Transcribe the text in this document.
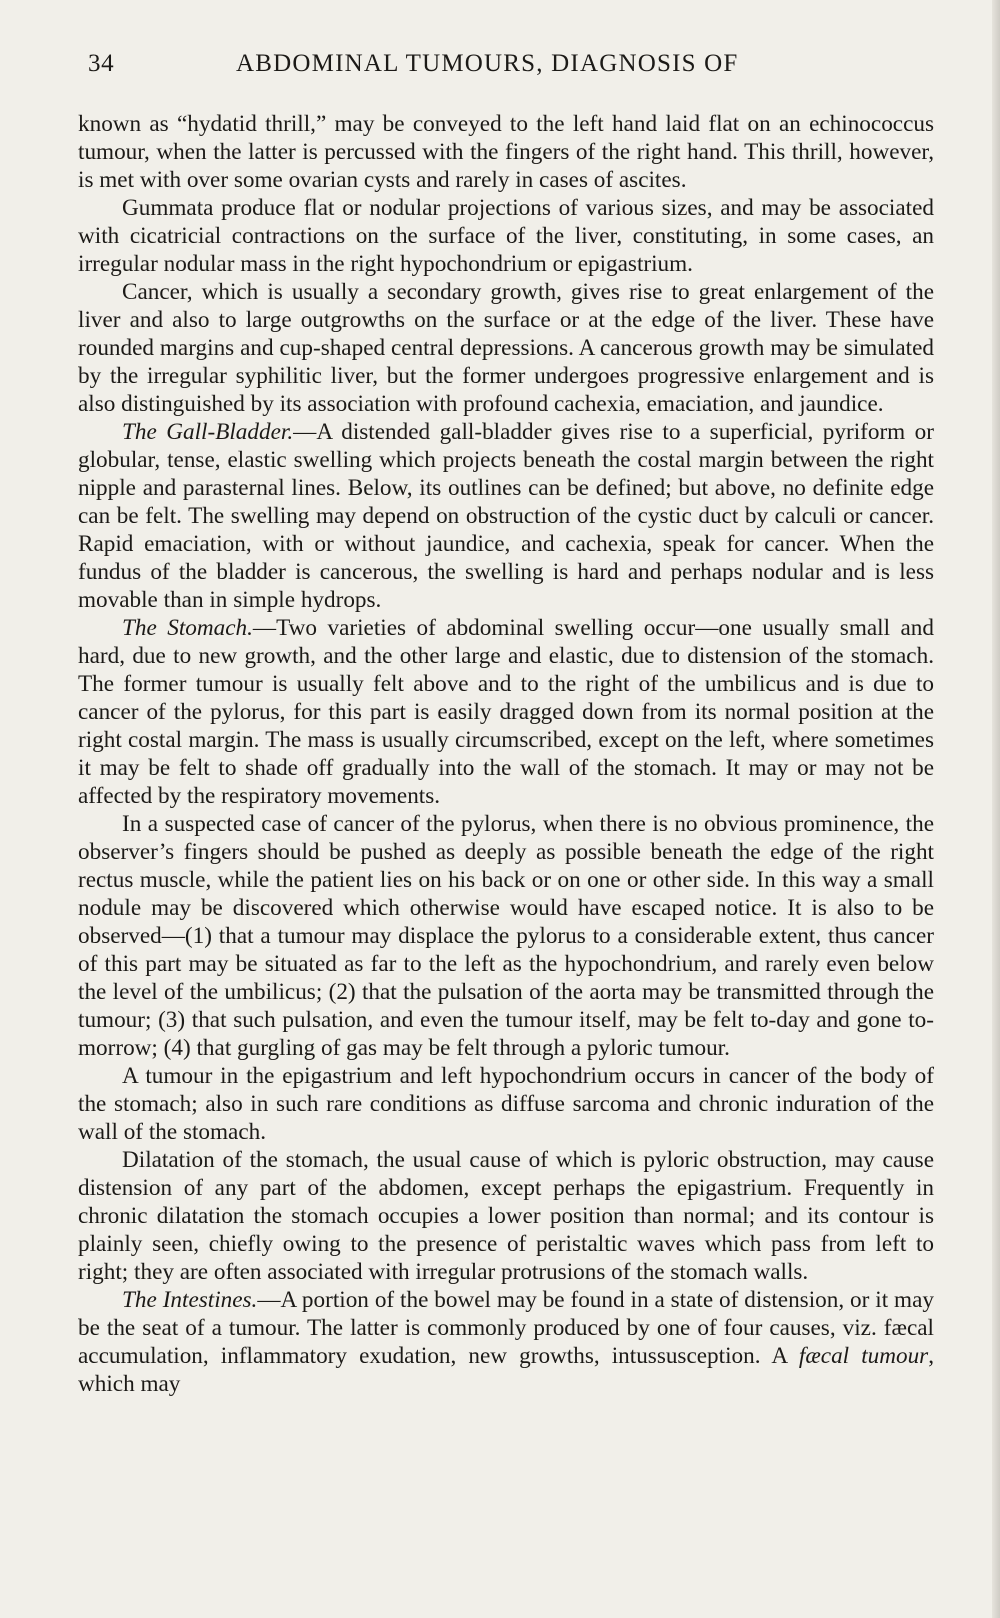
34	ABDOMINAL TUMOURS, DIAGNOSIS OF

known as “hydatid thrill,” may be conveyed to the left hand laid flat on an echinococcus tumour, when the latter is percussed with the fingers of the right hand. This thrill, however, is met with over some ovarian cysts and rarely in cases of ascites.

Gummata produce flat or nodular projections of various sizes, and may be associated with cicatricial contractions on the surface of the liver, constituting, in some cases, an irregular nodular mass in the right hypochondrium or epigastrium.

Cancer, which is usually a secondary growth, gives rise to great enlargement of the liver and also to large outgrowths on the surface or at the edge of the liver. These have rounded margins and cup-shaped central depressions. A cancerous growth may be simulated by the irregular syphilitic liver, but the former undergoes progressive enlargement and is also distinguished by its association with profound cachexia, emaciation, and jaundice.

The Gall-Bladder.—A distended gall-bladder gives rise to a superficial, pyriform or globular, tense, elastic swelling which projects beneath the costal margin between the right nipple and parasternal lines. Below, its outlines can be defined; but above, no definite edge can be felt. The swelling may depend on obstruction of the cystic duct by calculi or cancer. Rapid emaciation, with or without jaundice, and cachexia, speak for cancer. When the fundus of the bladder is cancerous, the swelling is hard and perhaps nodular and is less movable than in simple hydrops.

The Stomach.—Two varieties of abdominal swelling occur—one usually small and hard, due to new growth, and the other large and elastic, due to distension of the stomach. The former tumour is usually felt above and to the right of the umbilicus and is due to cancer of the pylorus, for this part is easily dragged down from its normal position at the right costal margin. The mass is usually circumscribed, except on the left, where sometimes it may be felt to shade off gradually into the wall of the stomach. It may or may not be affected by the respiratory movements.

In a suspected case of cancer of the pylorus, when there is no obvious prominence, the observer’s fingers should be pushed as deeply as possible beneath the edge of the right rectus muscle, while the patient lies on his back or on one or other side. In this way a small nodule may be discovered which otherwise would have escaped notice. It is also to be observed—(1) that a tumour may displace the pylorus to a considerable extent, thus cancer of this part may be situated as far to the left as the hypochondrium, and rarely even below the level of the umbilicus; (2) that the pulsation of the aorta may be transmitted through the tumour; (3) that such pulsation, and even the tumour itself, may be felt to-day and gone to-morrow; (4) that gurgling of gas may be felt through a pyloric tumour.

A tumour in the epigastrium and left hypochondrium occurs in cancer of the body of the stomach; also in such rare conditions as diffuse sarcoma and chronic induration of the wall of the stomach.

Dilatation of the stomach, the usual cause of which is pyloric obstruction, may cause distension of any part of the abdomen, except perhaps the epigastrium. Frequently in chronic dilatation the stomach occupies a lower position than normal; and its contour is plainly seen, chiefly owing to the presence of peristaltic waves which pass from left to right; they are often associated with irregular protrusions of the stomach walls.

The Intestines.—A portion of the bowel may be found in a state of distension, or it may be the seat of a tumour. The latter is commonly produced by one of four causes, viz. fæcal accumulation, inflammatory exudation, new growths, intussusception. A fæcal tumour, which may
